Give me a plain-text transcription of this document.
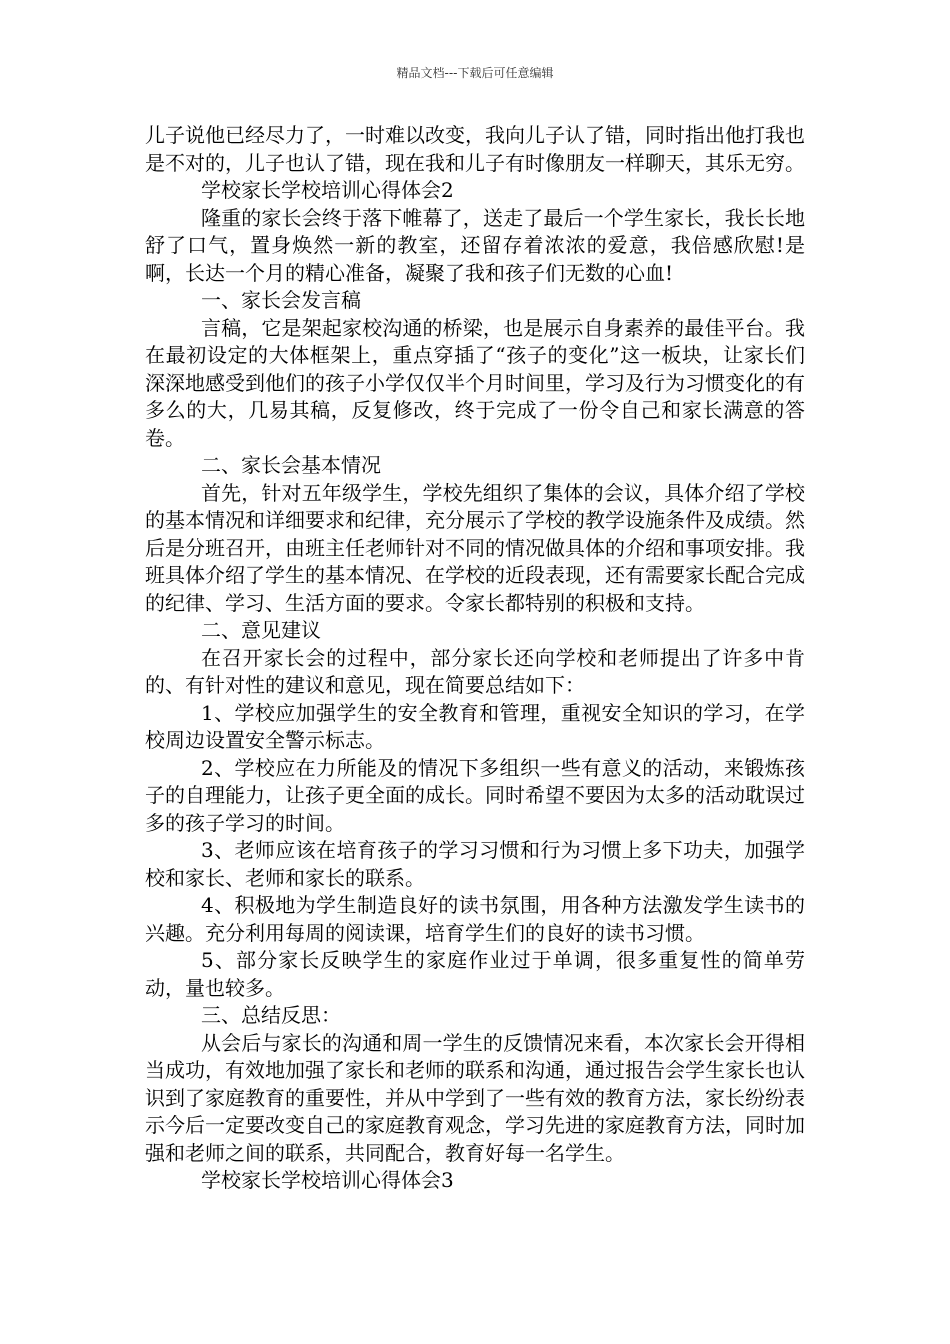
精品文档---下载后可任意编辑

儿子说他已经尽力了，一时难以改变，我向儿子认了错，同时指出他打我也是不对的，儿子也认了错，现在我和儿子有时像朋友一样聊天，其乐无穷。

学校家长学校培训心得体会2

隆重的家长会终于落下帷幕了，送走了最后一个学生家长，我长长地舒了口气，置身焕然一新的教室，还留存着浓浓的爱意，我倍感欣慰!是啊，长达一个月的精心准备，凝聚了我和孩子们无数的心血!

一、家长会发言稿

言稿，它是架起家校沟通的桥梁，也是展示自身素养的最佳平台。我在最初设定的大体框架上，重点穿插了“孩子的变化”这一板块，让家长们深深地感受到他们的孩子小学仅仅半个月时间里，学习及行为习惯变化的有多么的大，几易其稿，反复修改，终于完成了一份令自己和家长满意的答卷。

二、家长会基本情况

首先，针对五年级学生，学校先组织了集体的会议，具体介绍了学校的基本情况和详细要求和纪律，充分展示了学校的教学设施条件及成绩。然后是分班召开，由班主任老师针对不同的情况做具体的介绍和事项安排。我班具体介绍了学生的基本情况、在学校的近段表现，还有需要家长配合完成的纪律、学习、生活方面的要求。令家长都特别的积极和支持。

二、意见建议

在召开家长会的过程中，部分家长还向学校和老师提出了许多中肯的、有针对性的建议和意见，现在简要总结如下：

1、学校应加强学生的安全教育和管理，重视安全知识的学习，在学校周边设置安全警示标志。

2、学校应在力所能及的情况下多组织一些有意义的活动，来锻炼孩子的自理能力，让孩子更全面的成长。同时希望不要因为太多的活动耽误过多的孩子学习的时间。

3、老师应该在培育孩子的学习习惯和行为习惯上多下功夫，加强学校和家长、老师和家长的联系。

4、积极地为学生制造良好的读书氛围，用各种方法激发学生读书的兴趣。充分利用每周的阅读课，培育学生们的良好的读书习惯。

5、部分家长反映学生的家庭作业过于单调，很多重复性的简单劳动，量也较多。

三、总结反思：

从会后与家长的沟通和周一学生的反馈情况来看，本次家长会开得相当成功，有效地加强了家长和老师的联系和沟通，通过报告会学生家长也认识到了家庭教育的重要性，并从中学到了一些有效的教育方法，家长纷纷表示今后一定要改变自己的家庭教育观念，学习先进的家庭教育方法，同时加强和老师之间的联系，共同配合，教育好每一名学生。

学校家长学校培训心得体会3
